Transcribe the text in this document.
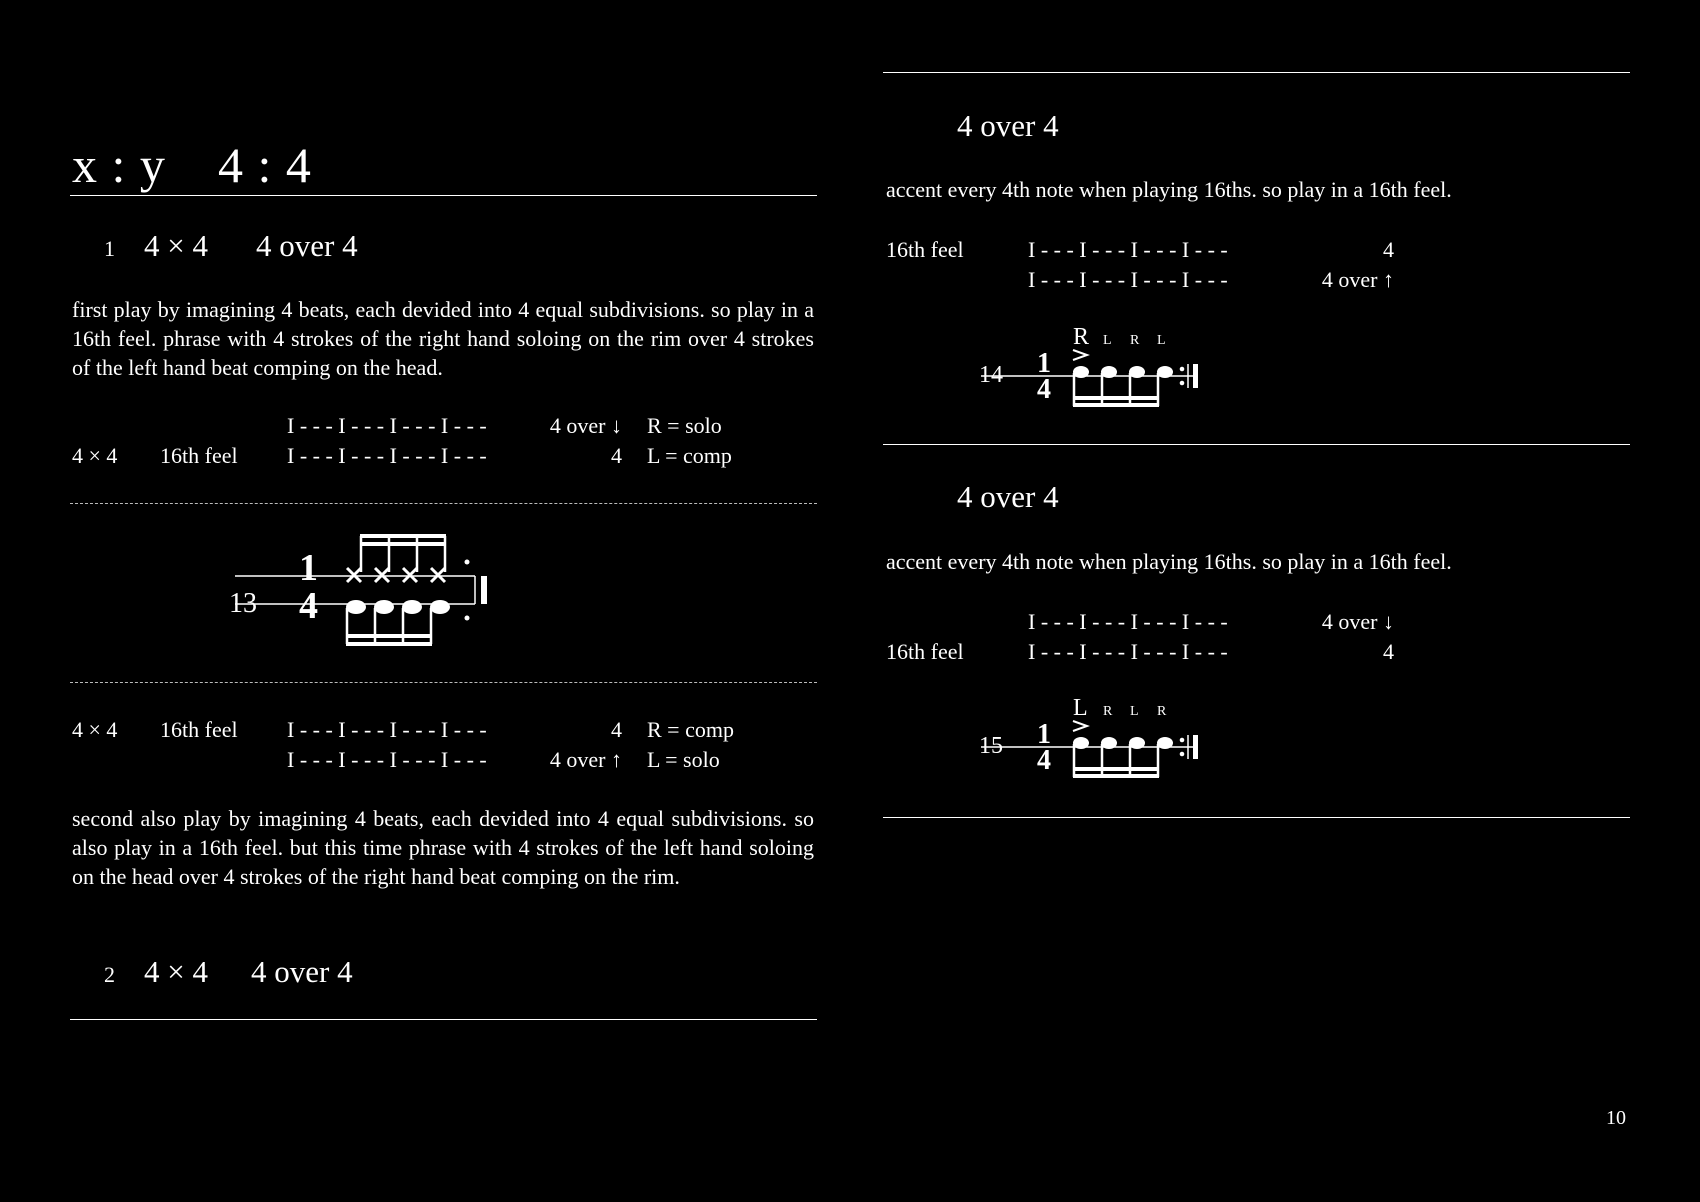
x : y 4 : 4
1 4 × 4 4 over 4
first play by imagining 4 beats, each devided into 4 equal subdivisions. so play in a 16th feel. phrase with 4 strokes of the right hand soloing on the rim over 4 strokes of the left hand beat comping on the head.
I - - - I - - - I - - - I - - -	4 over ↓ R = solo
4 × 4 16th feel I - - - I - - - I - - - I - - -	4 L = comp
13
1
4
4 × 4 16th feel I - - - I - - - I - - - I - - -	4 R = comp
I - - - I - - - I - - - I - - -	4 over ↑ L = solo
second also play by imagining 4 beats, each devided into 4 equal subdivisions. so also play in a 16th feel. but this time phrase with 4 strokes of the left hand soloing on the head over 4 strokes of the right hand beat comping on the rim.
2 4 × 4 4 over 4
4 over 4
accent every 4th note when playing 16ths. so play in a 16th feel.
16th feel	I - - - I - - - I - - - I - - -	4
I - - - I - - - I - - - I - - -	4 over ↑
14 1
4
R L R L
4 over 4
accent every 4th note when playing 16ths. so play in a 16th feel.
I - - - I - - - I - - - I - - -	4 over ↓
16th feel	I - - - I - - - I - - - I - - -	4
15 1
4
L R L R
10
